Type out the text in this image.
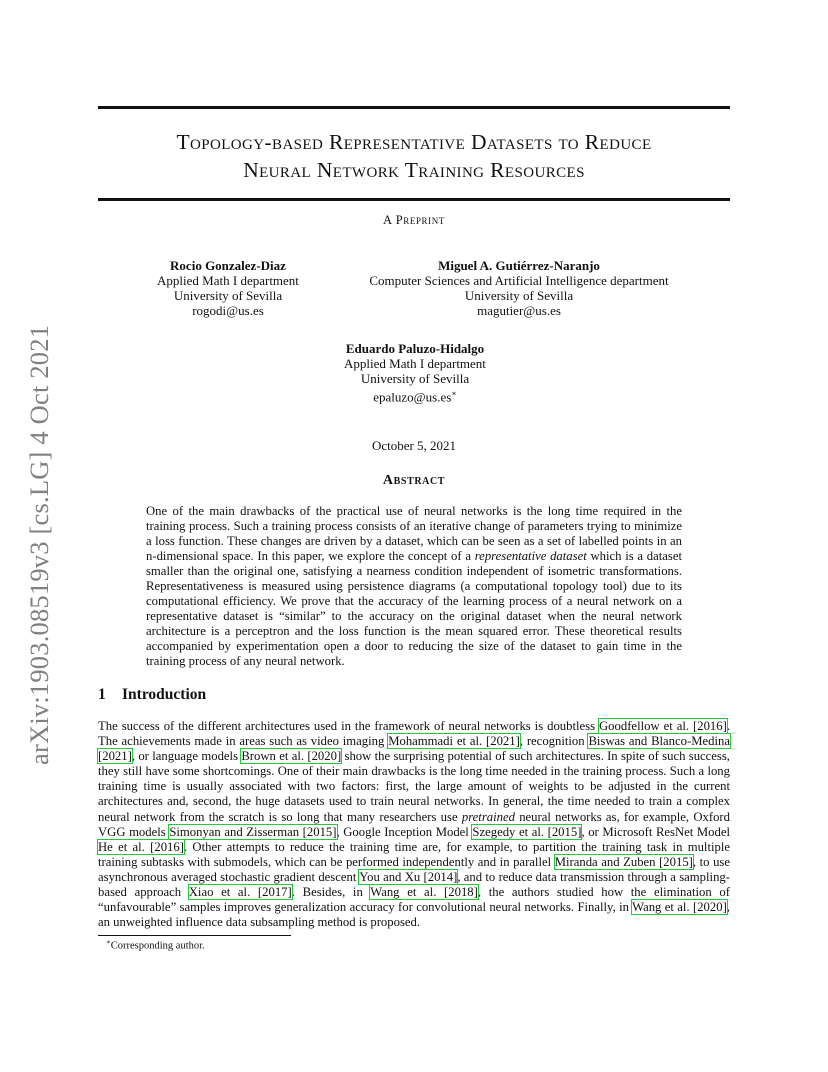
arXiv:1903.08519v3 [cs.LG] 4 Oct 2021
Topology-based Representative Datasets to Reduce
Neural Network Training Resources
A Preprint
Rocio Gonzalez-Diaz
Applied Math I department
University of Sevilla
rogodi@us.es
Miguel A. Gutiérrez-Naranjo
Computer Sciences and Artificial Intelligence department
University of Sevilla
magutier@us.es
Eduardo Paluzo-Hidalgo
Applied Math I department
University of Sevilla
epaluzo@us.es∗
October 5, 2021
Abstract
One of the main drawbacks of the practical use of neural networks is the long time required in the training process. Such a training process consists of an iterative change of parameters trying to minimize a loss function. These changes are driven by a dataset, which can be seen as a set of labelled points in an n-dimensional space. In this paper, we explore the concept of a representative dataset which is a dataset smaller than the original one, satisfying a nearness condition independent of isometric transformations. Representativeness is measured using persistence diagrams (a computational topology tool) due to its computational efficiency. We prove that the accuracy of the learning process of a neural network on a representative dataset is “similar” to the accuracy on the original dataset when the neural network architecture is a perceptron and the loss function is the mean squared error. These theoretical results accompanied by experimentation open a door to reducing the size of the dataset to gain time in the training process of any neural network.
1 Introduction
The success of the different architectures used in the framework of neural networks is doubtless Goodfellow et al. [2016]. The achievements made in areas such as video imaging Mohammadi et al. [2021], recognition Biswas and Blanco-Medina [2021], or language models Brown et al. [2020] show the surprising potential of such architectures. In spite of such success, they still have some shortcomings. One of their main drawbacks is the long time needed in the training process. Such a long training time is usually associated with two factors: first, the large amount of weights to be adjusted in the current architectures and, second, the huge datasets used to train neural networks. In general, the time needed to train a complex neural network from the scratch is so long that many researchers use pretrained neural networks as, for example, Oxford VGG models Simonyan and Zisserman [2015], Google Inception Model Szegedy et al. [2015], or Microsoft ResNet Model He et al. [2016]. Other attempts to reduce the training time are, for example, to partition the training task in multiple training subtasks with submodels, which can be performed independently and in parallel Miranda and Zuben [2015], to use asynchronous averaged stochastic gradient descent You and Xu [2014], and to reduce data transmission through a sampling-based approach Xiao et al. [2017]. Besides, in Wang et al. [2018], the authors studied how the elimination of “unfavourable” samples improves generalization accuracy for convolutional neural networks. Finally, in Wang et al. [2020], an unweighted influence data subsampling method is proposed.
∗Corresponding author.
